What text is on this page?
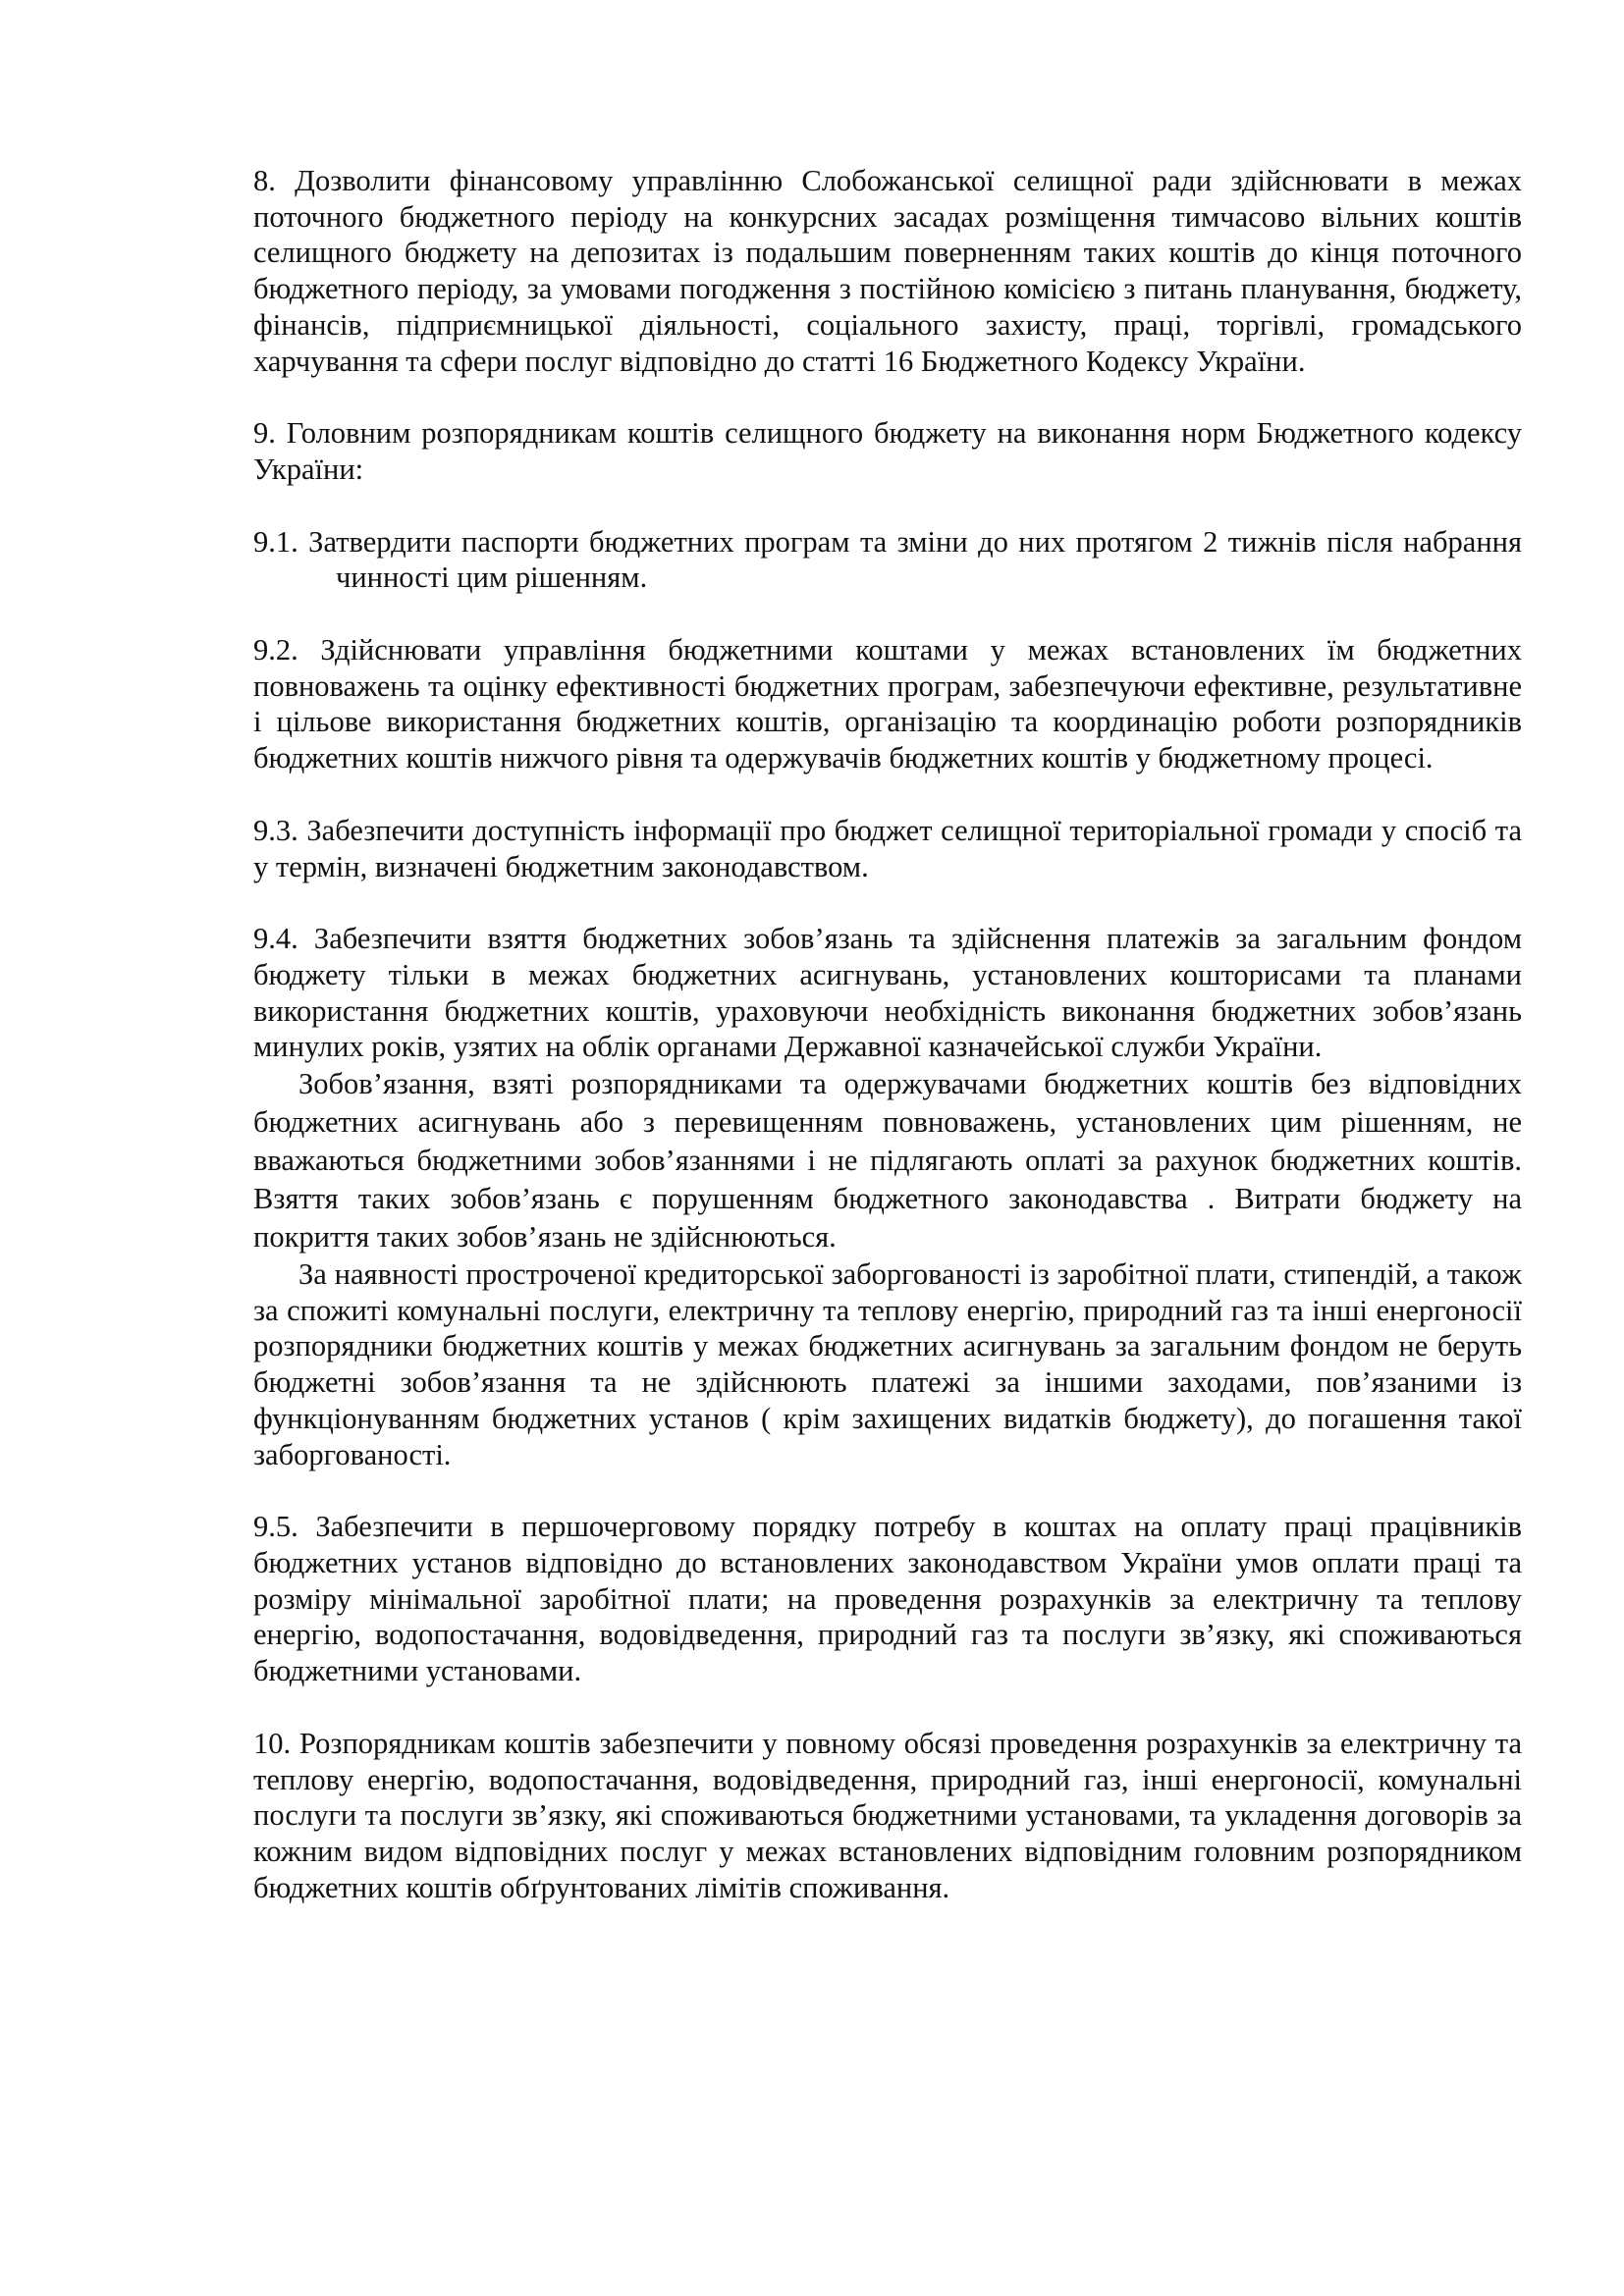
8. Дозволити фінансовому управлінню Слобожанської селищної ради здійснювати в межах поточного бюджетного періоду на конкурсних засадах розміщення тимчасово вільних коштів селищного бюджету на депозитах із подальшим поверненням таких коштів до кінця поточного бюджетного періоду, за умовами погодження з постійною комісією з питань планування, бюджету, фінансів, підприємницької діяльності, соціального захисту, праці, торгівлі, громадського харчування та сфери послуг відповідно до статті 16 Бюджетного Кодексу України.

9. Головним розпорядникам коштів селищного бюджету на виконання норм Бюджетного кодексу України:

9.1. Затвердити паспорти бюджетних програм та зміни до них протягом 2 тижнів після набрання чинності цим рішенням.

9.2. Здійснювати управління бюджетними коштами у межах встановлених їм бюджетних повноважень та оцінку ефективності бюджетних програм, забезпечуючи ефективне, результативне і цільове використання бюджетних коштів, організацію та координацію роботи розпорядників бюджетних коштів нижчого рівня та одержувачів бюджетних коштів у бюджетному процесі.

9.3. Забезпечити доступність інформації про бюджет селищної територіальної громади у спосіб та у термін, визначені бюджетним законодавством.

9.4. Забезпечити взяття бюджетних зобов’язань та здійснення платежів за загальним фондом бюджету тільки в межах бюджетних асигнувань, установлених кошторисами та планами використання бюджетних коштів, ураховуючи необхідність виконання бюджетних зобов’язань минулих років, узятих на облік органами Державної казначейської служби України.

Зобов’язання, взяті розпорядниками та одержувачами бюджетних коштів без відповідних бюджетних асигнувань або з перевищенням повноважень, установлених цим рішенням, не вважаються бюджетними зобов’язаннями і не підлягають оплаті за рахунок бюджетних коштів. Взяття таких зобов’язань є порушенням бюджетного законодавства . Витрати бюджету на покриття таких зобов’язань не здійснюються.

За наявності простроченої кредиторської заборгованості із заробітної плати, стипендій, а також за спожиті комунальні послуги, електричну та теплову енергію, природний газ та інші енергоносії розпорядники бюджетних коштів у межах бюджетних асигнувань за загальним фондом не беруть бюджетні зобов’язання та не здійснюють платежі за іншими заходами, пов’язаними із функціонуванням бюджетних установ ( крім захищених видатків бюджету), до погашення такої заборгованості.

9.5. Забезпечити в першочерговому порядку потребу в коштах на оплату праці працівників бюджетних установ відповідно до встановлених законодавством України умов оплати праці та розміру мінімальної заробітної плати; на проведення розрахунків за електричну та теплову енергію, водопостачання, водовідведення, природний газ та послуги зв’язку, які споживаються бюджетними установами.

10. Розпорядникам коштів забезпечити у повному обсязі проведення розрахунків за електричну та теплову енергію, водопостачання, водовідведення, природний газ, інші енергоносії, комунальні послуги та послуги зв’язку, які споживаються бюджетними установами, та укладення договорів за кожним видом відповідних послуг у межах встановлених відповідним головним розпорядником бюджетних коштів обґрунтованих лімітів споживання.
